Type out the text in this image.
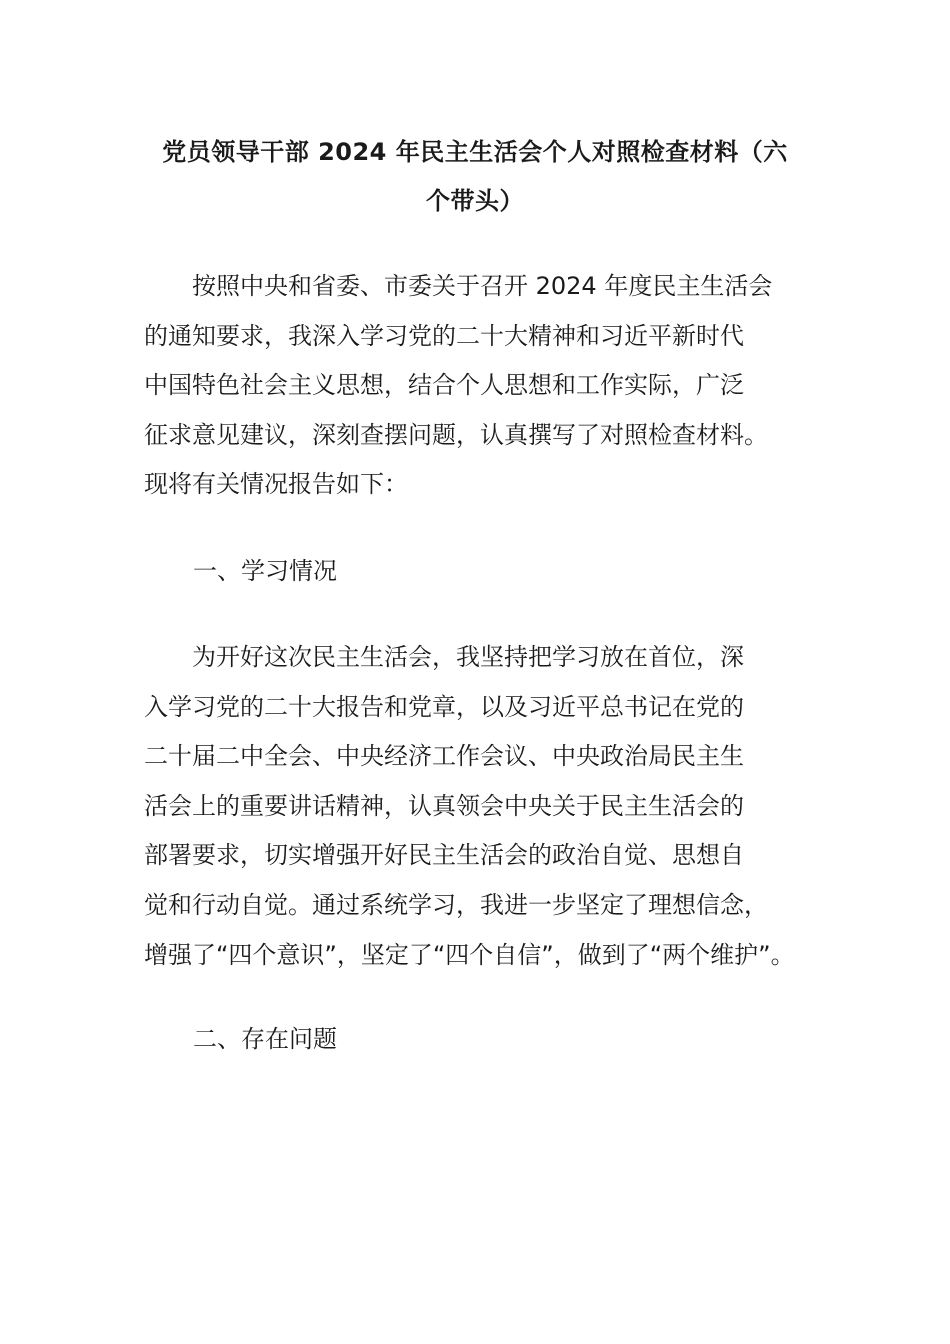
党员领导干部 2024 年民主生活会个人对照检查材料（六
个带头）

　　按照中央和省委、市委关于召开 2024 年度民主生活会
的通知要求，我深入学习党的二十大精神和习近平新时代
中国特色社会主义思想，结合个人思想和工作实际，广泛
征求意见建议，深刻查摆问题，认真撰写了对照检查材料。
现将有关情况报告如下：

一、学习情况

　　为开好这次民主生活会，我坚持把学习放在首位，深
入学习党的二十大报告和党章，以及习近平总书记在党的
二十届二中全会、中央经济工作会议、中央政治局民主生
活会上的重要讲话精神，认真领会中央关于民主生活会的
部署要求，切实增强开好民主生活会的政治自觉、思想自
觉和行动自觉。通过系统学习，我进一步坚定了理想信念，
增强了“四个意识”，坚定了“四个自信”，做到了“两个维护”。

二、存在问题
